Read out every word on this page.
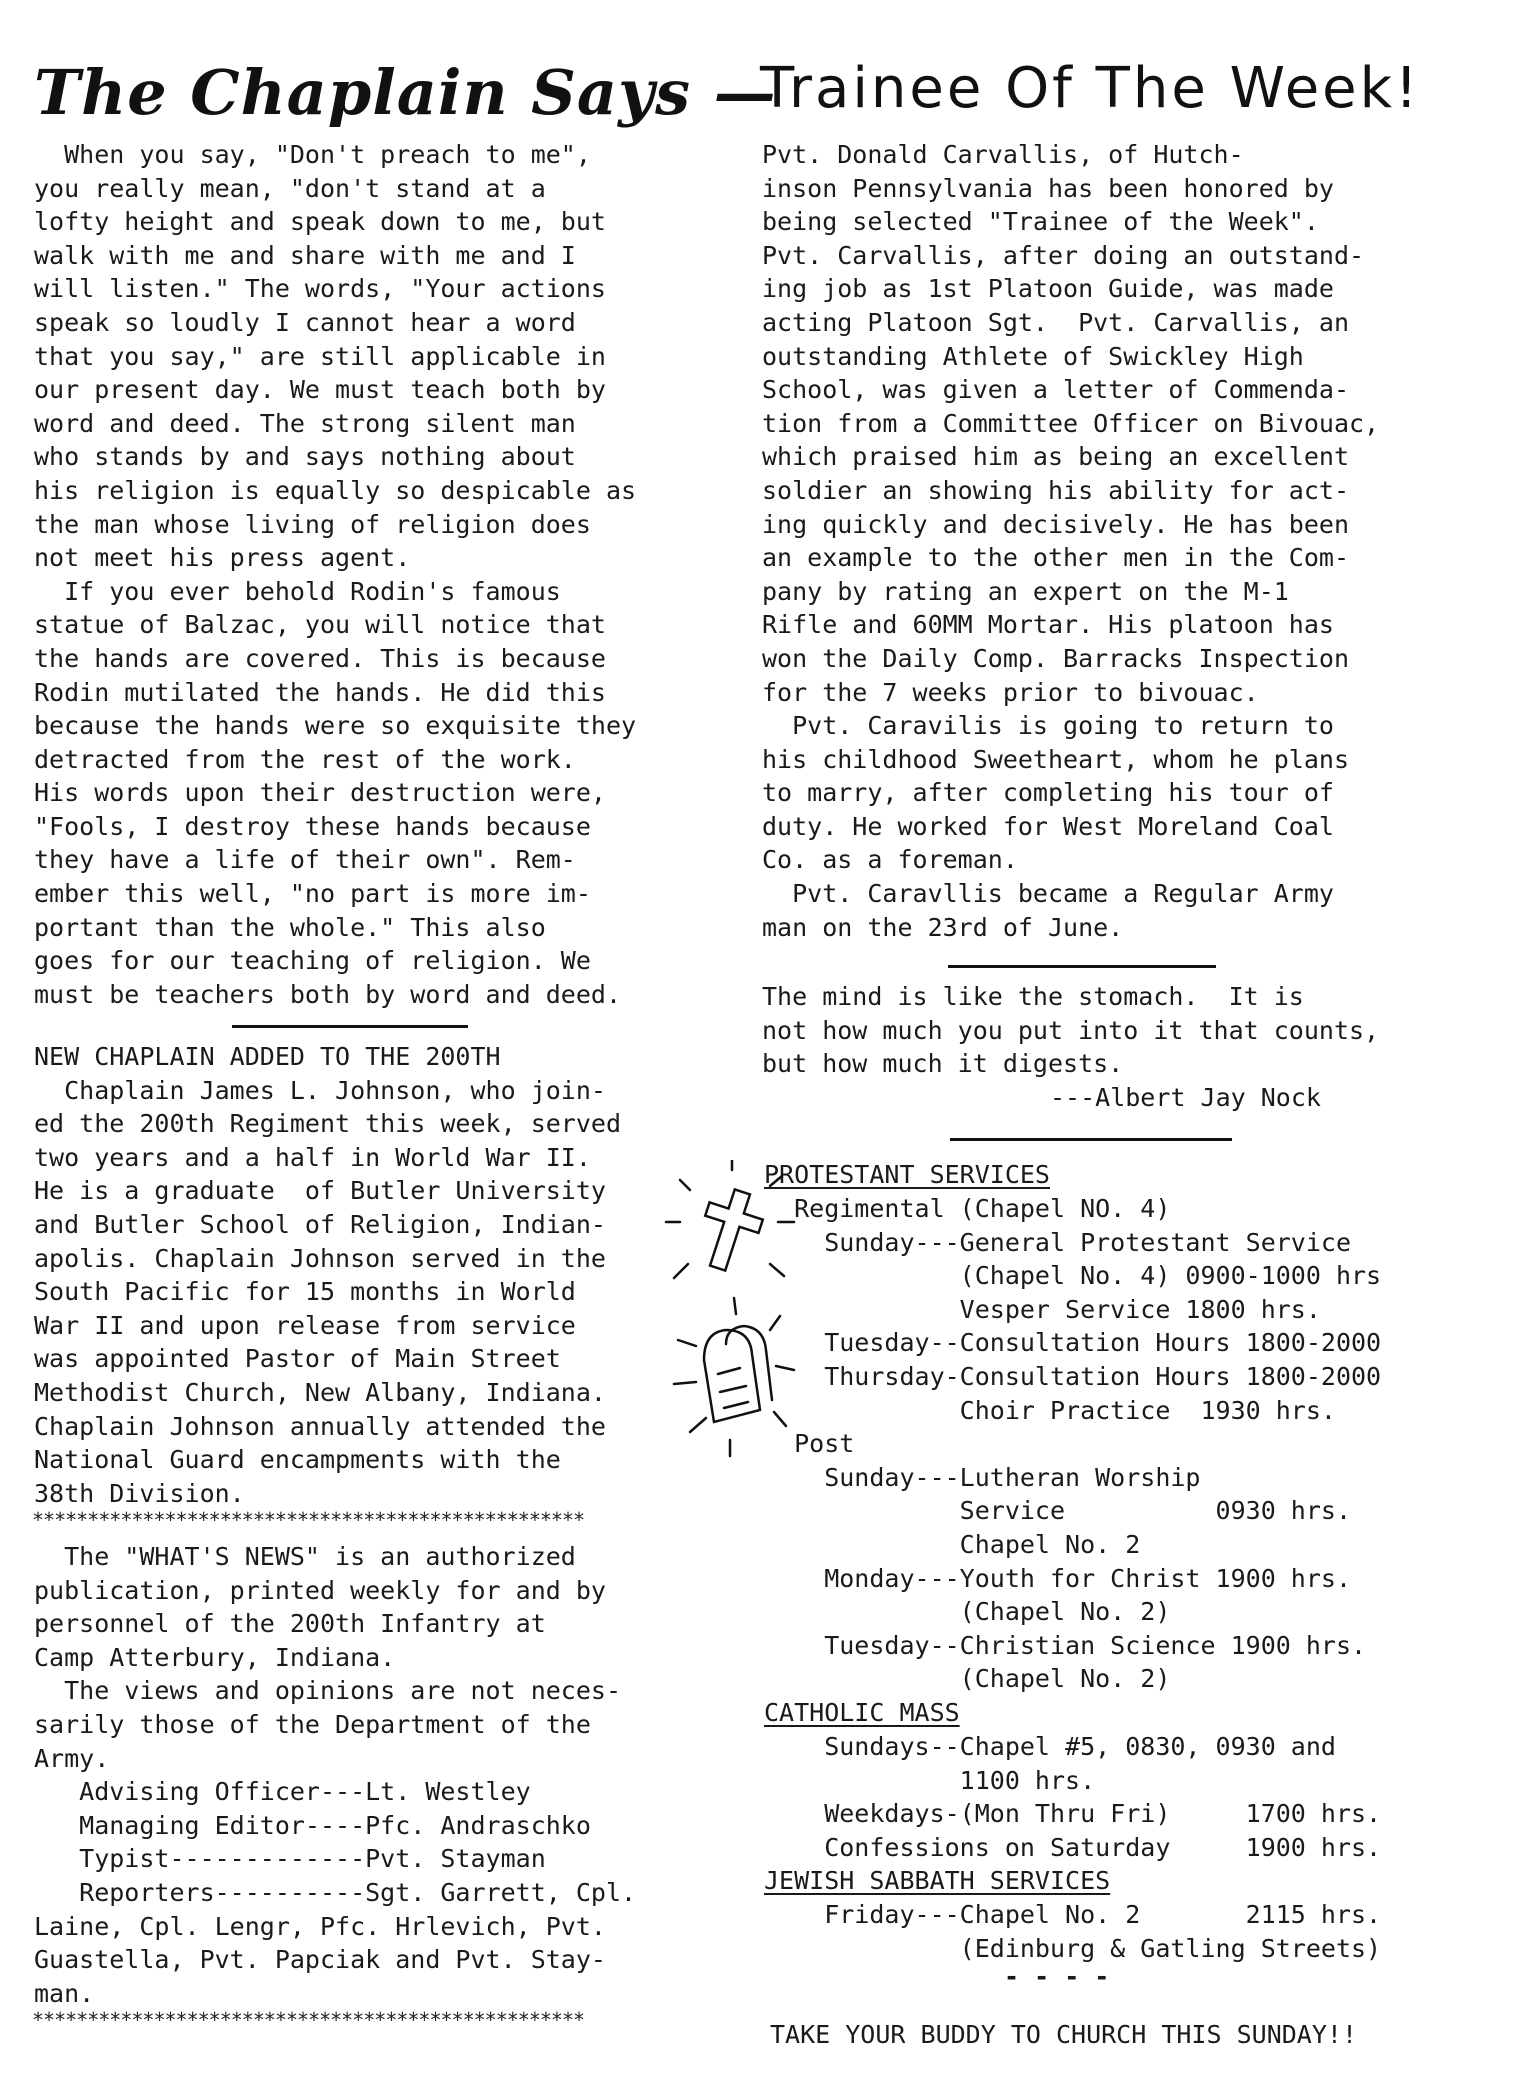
The Chaplain Says —
Trainee Of The Week!
When you say, "Don't preach to me",
you really mean, "don't stand at a
lofty height and speak down to me, but
walk with me and share with me and I
will listen." The words, "Your actions
speak so loudly I cannot hear a word
that you say," are still applicable in
our present day. We must teach both by
word and deed. The strong silent man
who stands by and says nothing about
his religion is equally so despicable as
the man whose living of religion does
not meet his press agent.
If you ever behold Rodin's famous
statue of Balzac, you will notice that
the hands are covered. This is because
Rodin mutilated the hands. He did this
because the hands were so exquisite they
detracted from the rest of the work.
His words upon their destruction were,
"Fools, I destroy these hands because
they have a life of their own". Rem-
ember this well, "no part is more im-
portant than the whole." This also
goes for our teaching of religion. We
must be teachers both by word and deed.
NEW CHAPLAIN ADDED TO THE 200TH
Chaplain James L. Johnson, who join-
ed the 200th Regiment this week, served
two years and a half in World War II.
He is a graduate  of Butler University
and Butler School of Religion, Indian-
apolis. Chaplain Johnson served in the
South Pacific for 15 months in World
War II and upon release from service
was appointed Pastor of Main Street
Methodist Church, New Albany, Indiana.
Chaplain Johnson annually attended the
National Guard encampments with the
38th Division.
**************************************************
The "WHAT'S NEWS" is an authorized
publication, printed weekly for and by
personnel of the 200th Infantry at
Camp Atterbury, Indiana.
The views and opinions are not neces-
sarily those of the Department of the
Army.
Advising Officer---Lt. Westley
Managing Editor----Pfc. Andraschko
Typist-------------Pvt. Stayman
Reporters----------Sgt. Garrett, Cpl.
Laine, Cpl. Lengr, Pfc. Hrlevich, Pvt.
Guastella, Pvt. Papciak and Pvt. Stay-
man.
**************************************************
Pvt. Donald Carvallis, of Hutch-
inson Pennsylvania has been honored by
being selected "Trainee of the Week".
Pvt. Carvallis, after doing an outstand-
ing job as 1st Platoon Guide, was made
acting Platoon Sgt.  Pvt. Carvallis, an
outstanding Athlete of Swickley High
School, was given a letter of Commenda-
tion from a Committee Officer on Bivouac,
which praised him as being an excellent
soldier an showing his ability for act-
ing quickly and decisively. He has been
an example to the other men in the Com-
pany by rating an expert on the M-1
Rifle and 60MM Mortar. His platoon has
won the Daily Comp. Barracks Inspection
for the 7 weeks prior to bivouac.
Pvt. Caravilis is going to return to
his childhood Sweetheart, whom he plans
to marry, after completing his tour of
duty. He worked for West Moreland Coal
Co. as a foreman.
Pvt. Caravllis became a Regular Army
man on the 23rd of June.
The mind is like the stomach.  It is
not how much you put into it that counts,
but how much it digests.
---Albert Jay Nock
PROTESTANT SERVICES
Regimental (Chapel NO. 4)
Sunday---General Protestant Service
(Chapel No. 4) 0900-1000 hrs
Vesper Service 1800 hrs.
Tuesday--Consultation Hours 1800-2000
Thursday-Consultation Hours 1800-2000
Choir Practice  1930 hrs.
Post
Sunday---Lutheran Worship
Service          0930 hrs.
Chapel No. 2
Monday---Youth for Christ 1900 hrs.
(Chapel No. 2)
Tuesday--Christian Science 1900 hrs.
(Chapel No. 2)
CATHOLIC MASS
Sundays--Chapel #5, 0830, 0930 and
1100 hrs.
Weekdays-(Mon Thru Fri)     1700 hrs.
Confessions on Saturday     1900 hrs.
JEWISH SABBATH SERVICES
Friday---Chapel No. 2       2115 hrs.
(Edinburg & Gatling Streets)
- - - -
TAKE YOUR BUDDY TO CHURCH THIS SUNDAY!!
